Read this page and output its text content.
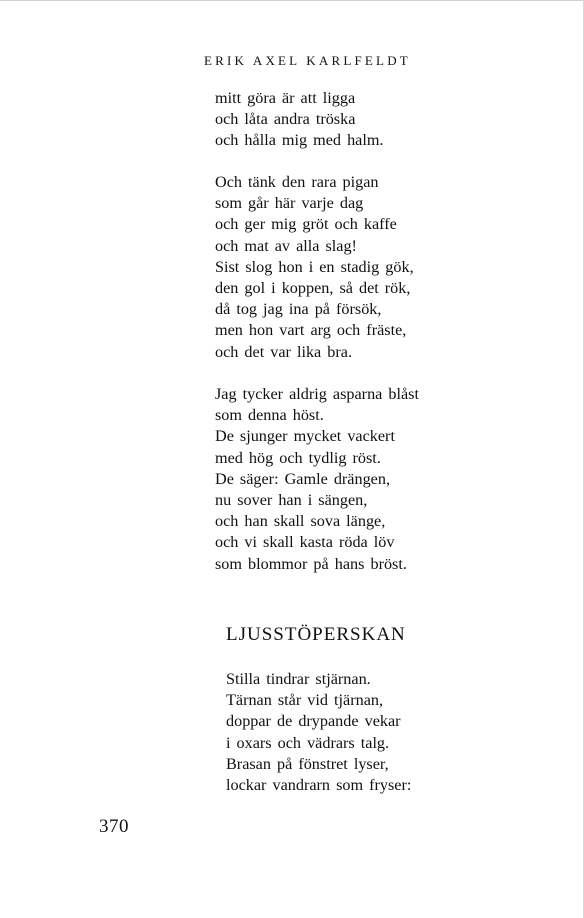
ERIK AXEL KARLFELDT
mitt göra är att ligga
och låta andra tröska
och hålla mig med halm.
Och tänk den rara pigan
som går här varje dag
och ger mig gröt och kaffe
och mat av alla slag!
Sist slog hon i en stadig gök,
den gol i koppen, så det rök,
då tog jag ina på försök,
men hon vart arg och fräste,
och det var lika bra.
Jag tycker aldrig asparna blåst
som denna höst.
De sjunger mycket vackert
med hög och tydlig röst.
De säger: Gamle drängen,
nu sover han i sängen,
och han skall sova länge,
och vi skall kasta röda löv
som blommor på hans bröst.
LJUSSTÖPERSKAN
Stilla tindrar stjärnan.
Tärnan står vid tjärnan,
doppar de drypande vekar
i oxars och vädrars talg.
Brasan på fönstret lyser,
lockar vandrarn som fryser:
370
